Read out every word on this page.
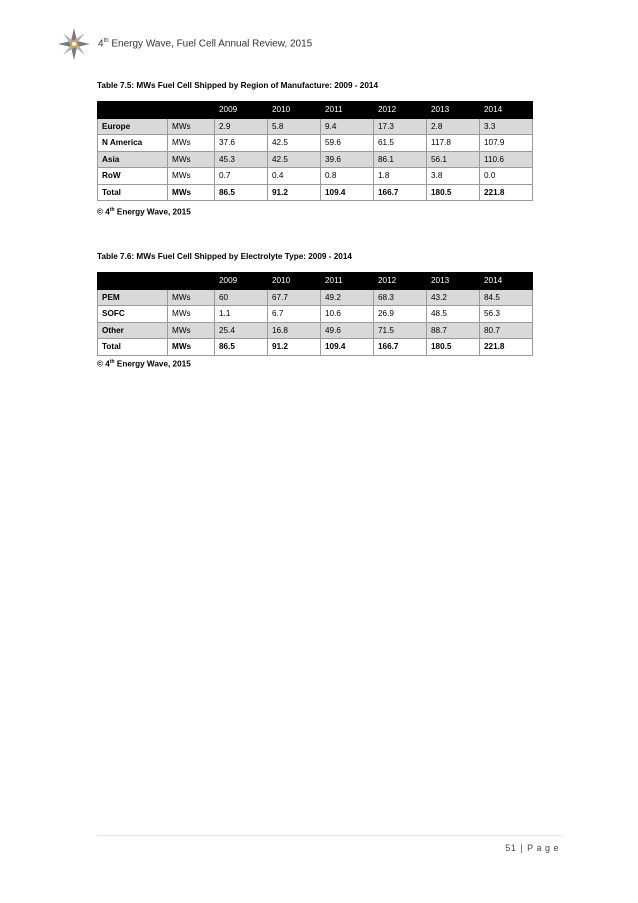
4th Energy Wave, Fuel Cell Annual Review, 2015
Table 7.5: MWs Fuel Cell Shipped by Region of Manufacture: 2009 - 2014
		2009	2010	2011	2012	2013	2014
Europe	MWs	2.9	5.8	9.4	17.3	2.8	3.3
N America	MWs	37.6	42.5	59.6	61.5	117.8	107.9
Asia	MWs	45.3	42.5	39.6	86.1	56.1	110.6
RoW	MWs	0.7	0.4	0.8	1.8	3.8	0.0
Total	MWs	86.5	91.2	109.4	166.7	180.5	221.8
© 4th Energy Wave, 2015
Table 7.6: MWs Fuel Cell Shipped by Electrolyte Type: 2009 - 2014
		2009	2010	2011	2012	2013	2014
PEM	MWs	60	67.7	49.2	68.3	43.2	84.5
SOFC	MWs	1.1	6.7	10.6	26.9	48.5	56.3
Other	MWs	25.4	16.8	49.6	71.5	88.7	80.7
Total	MWs	86.5	91.2	109.4	166.7	180.5	221.8
© 4th Energy Wave, 2015
51 | P a g e
